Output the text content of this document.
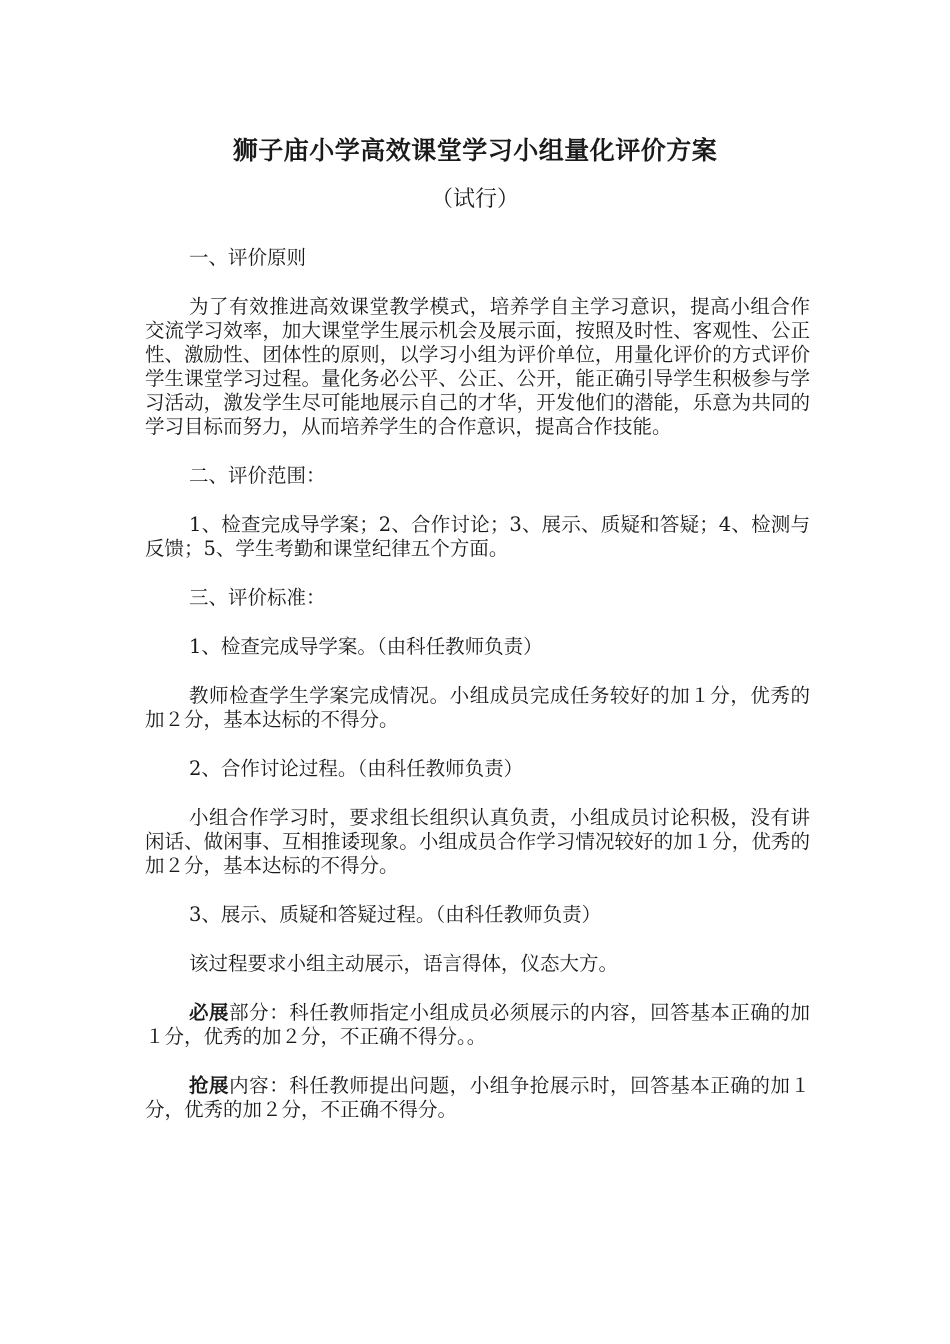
狮子庙小学高效课堂学习小组量化评价方案
（试行）

一、评价原则

为了有效推进高效课堂教学模式，培养学自主学习意识，提高小组合作交流学习效率，加大课堂学生展示机会及展示面，按照及时性、客观性、公正性、激励性、团体性的原则，以学习小组为评价单位，用量化评价的方式评价学生课堂学习过程。量化务必公平、公正、公开，能正确引导学生积极参与学习活动，激发学生尽可能地展示自己的才华，开发他们的潜能，乐意为共同的学习目标而努力，从而培养学生的合作意识，提高合作技能。

二、评价范围：

1、检查完成导学案；2、合作讨论；3、展示、质疑和答疑；4、检测与反馈；5、学生考勤和课堂纪律五个方面。

三、评价标准：

1、检查完成导学案。（由科任教师负责）

教师检查学生学案完成情况。小组成员完成任务较好的加１分，优秀的加２分，基本达标的不得分。

2、合作讨论过程。（由科任教师负责）

小组合作学习时，要求组长组织认真负责，小组成员讨论积极，没有讲闲话、做闲事、互相推诿现象。小组成员合作学习情况较好的加１分，优秀的加２分，基本达标的不得分。

3、展示、质疑和答疑过程。（由科任教师负责）

该过程要求小组主动展示，语言得体，仪态大方。

必展部分：科任教师指定小组成员必须展示的内容，回答基本正确的加１分，优秀的加２分，不正确不得分。。

抢展内容：科任教师提出问题，小组争抢展示时，回答基本正确的加１分，优秀的加２分，不正确不得分。
